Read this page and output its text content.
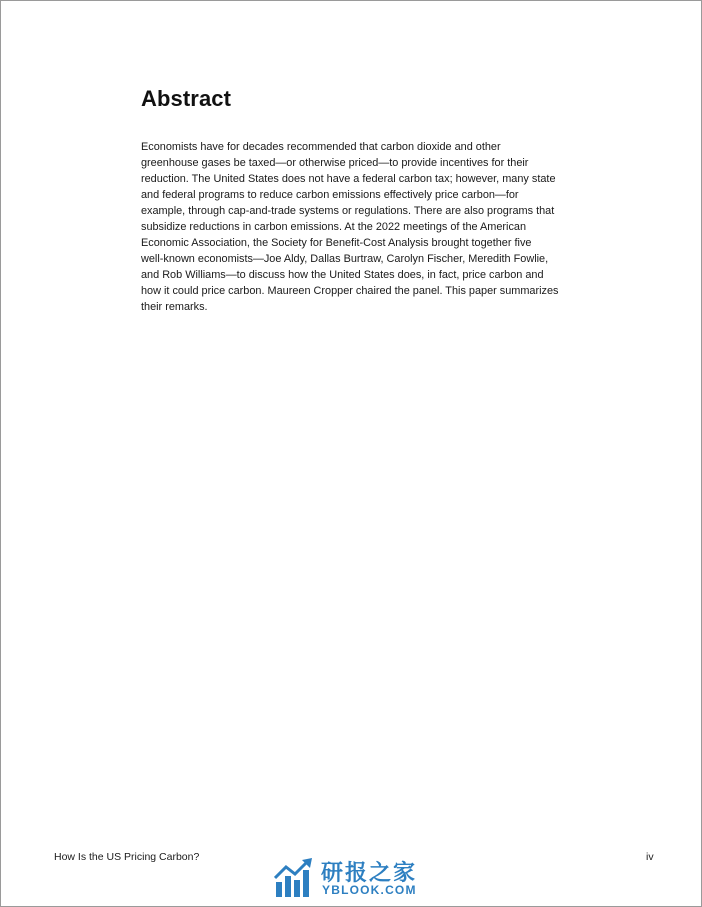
Abstract

Economists have for decades recommended that carbon dioxide and other
greenhouse gases be taxed—or otherwise priced—to provide incentives for their
reduction. The United States does not have a federal carbon tax; however, many state
and federal programs to reduce carbon emissions effectively price carbon—for
example, through cap-and-trade systems or regulations. There are also programs that
subsidize reductions in carbon emissions. At the 2022 meetings of the American
Economic Association, the Society for Benefit-Cost Analysis brought together five
well-known economists—Joe Aldy, Dallas Burtraw, Carolyn Fischer, Meredith Fowlie,
and Rob Williams—to discuss how the United States does, in fact, price carbon and
how it could price carbon. Maureen Cropper chaired the panel. This paper summarizes
their remarks.

How Is the US Pricing Carbon?	iv
研报之家
YBLOOK.COM
